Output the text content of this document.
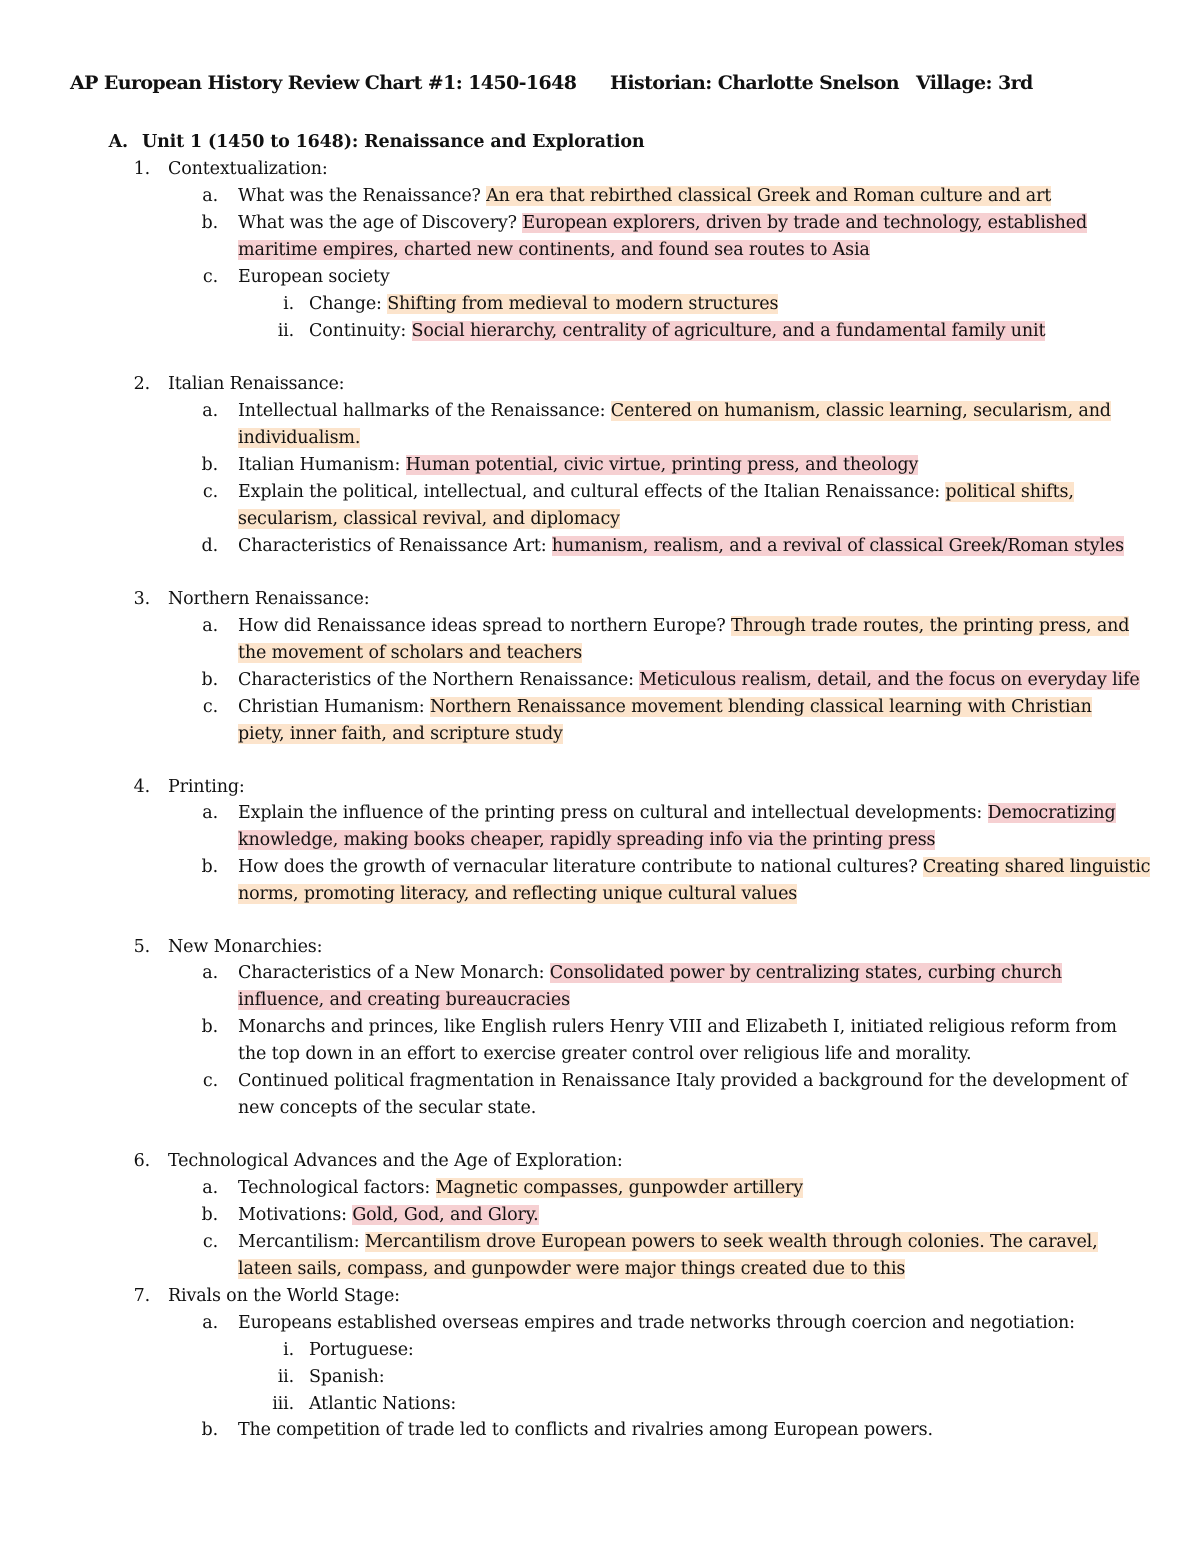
AP European History Review Chart #1: 1450-1648 Historian: Charlotte Snelson Village: 3rd
A. Unit 1 (1450 to 1648): Renaissance and Exploration
1. Contextualization:
a. What was the Renaissance? An era that rebirthed classical Greek and Roman culture and art
b. What was the age of Discovery? European explorers, driven by trade and technology, established
maritime empires, charted new continents, and found sea routes to Asia
c. European society
i. Change: Shifting from medieval to modern structures
ii. Continuity: Social hierarchy, centrality of agriculture, and a fundamental family unit
2. Italian Renaissance:
a. Intellectual hallmarks of the Renaissance: Centered on humanism, classic learning, secularism, and
individualism.
b. Italian Humanism: Human potential, civic virtue, printing press, and theology
c. Explain the political, intellectual, and cultural effects of the Italian Renaissance: political shifts,
secularism, classical revival, and diplomacy
d. Characteristics of Renaissance Art: humanism, realism, and a revival of classical Greek/Roman styles
3. Northern Renaissance:
a. How did Renaissance ideas spread to northern Europe? Through trade routes, the printing press, and
the movement of scholars and teachers
b. Characteristics of the Northern Renaissance: Meticulous realism, detail, and the focus on everyday life
c. Christian Humanism: Northern Renaissance movement blending classical learning with Christian
piety, inner faith, and scripture study
4. Printing:
a. Explain the influence of the printing press on cultural and intellectual developments: Democratizing
knowledge, making books cheaper, rapidly spreading info via the printing press
b. How does the growth of vernacular literature contribute to national cultures? Creating shared linguistic
norms, promoting literacy, and reflecting unique cultural values
5. New Monarchies:
a. Characteristics of a New Monarch: Consolidated power by centralizing states, curbing church
influence, and creating bureaucracies
b. Monarchs and princes, like English rulers Henry VIII and Elizabeth I, initiated religious reform from
the top down in an effort to exercise greater control over religious life and morality.
c. Continued political fragmentation in Renaissance Italy provided a background for the development of
new concepts of the secular state.
6. Technological Advances and the Age of Exploration:
a. Technological factors: Magnetic compasses, gunpowder artillery
b. Motivations: Gold, God, and Glory.
c. Mercantilism: Mercantilism drove European powers to seek wealth through colonies. The caravel,
lateen sails, compass, and gunpowder were major things created due to this
7. Rivals on the World Stage:
a. Europeans established overseas empires and trade networks through coercion and negotiation:
i. Portuguese:
ii. Spanish:
iii. Atlantic Nations:
b. The competition of trade led to conflicts and rivalries among European powers.
